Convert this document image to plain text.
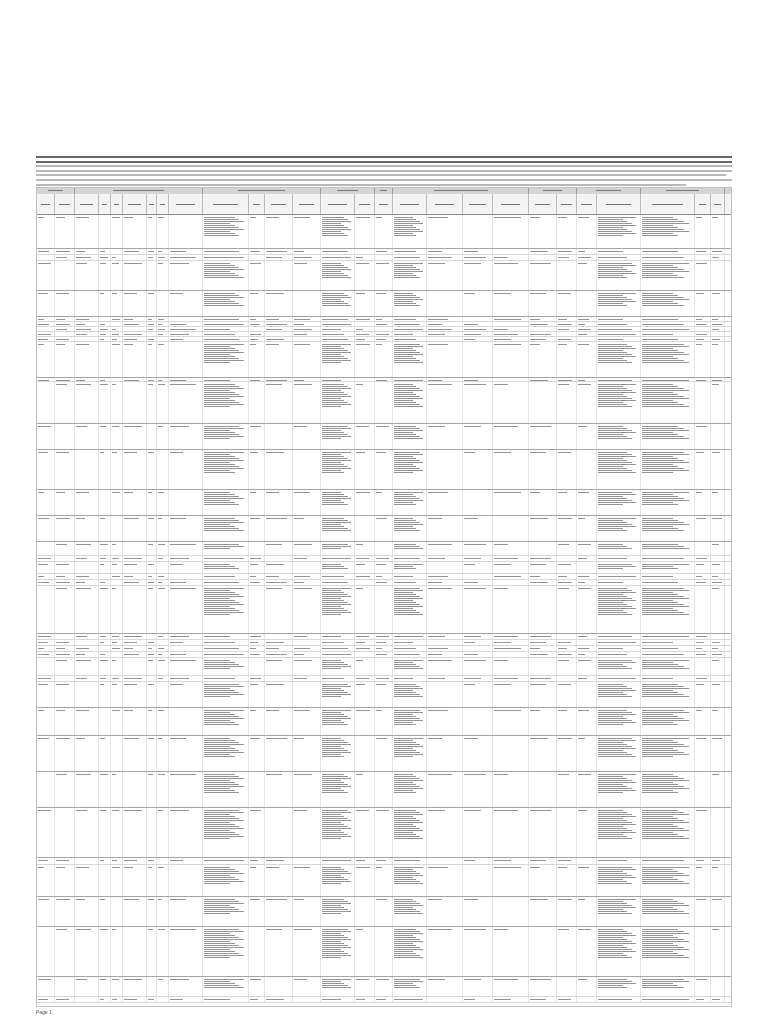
Page 1
